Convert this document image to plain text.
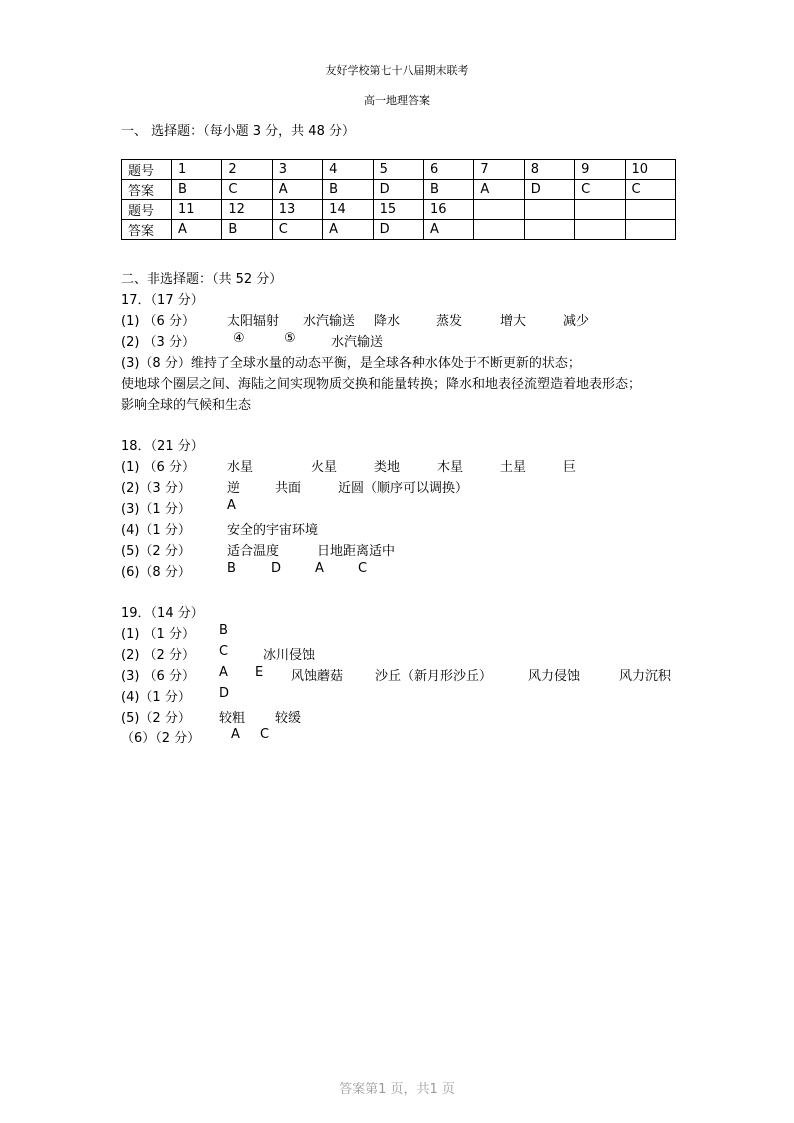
友好学校第七十八届期末联考
高一地理答案
一、 选择题：（每小题 3 分，共 48 分）
题号	1	2	3	4	5	6	7	8	9	10
答案	B	C	A	B	D	B	A	D	C	C
题号	11	12	13	14	15	16				
答案	A	B	C	A	D	A				
二、非选择题：（共 52 分）
17．（17 分）
(1) （6 分） 太阳辐射 水汽输送 降水	蒸发	增大	减少
(2) （3 分）	④	⑤	水汽输送
(3)（8 分）维持了全球水量的动态平衡，是全球各种水体处于不断更新的状态；
使地球个圈层之间、海陆之间实现物质交换和能量转换；降水和地表径流塑造着地表形态；
影响全球的气候和生态
18．（21 分）
(1) （6 分） 水星	火星	类地	木星	土星	巨
(2)（3 分）	逆	共面	近圆（顺序可以调换）
(3)（1 分）	A
(4)（1 分）	安全的宇宙环境
(5)（2 分）	适合温度	日地距离适中
(6)（8 分）	B	D	A	C
19．（14 分）
(1) （1 分） B
(2) （2 分） C	冰川侵蚀
(3) （6 分） A E 风蚀蘑菇 沙丘（新月形沙丘）	风力侵蚀	风力沉积
(4)（1 分） D
(5)（2 分） 较粗 较缓
（6）（2 分） A C
答案第1 页，共1 页
